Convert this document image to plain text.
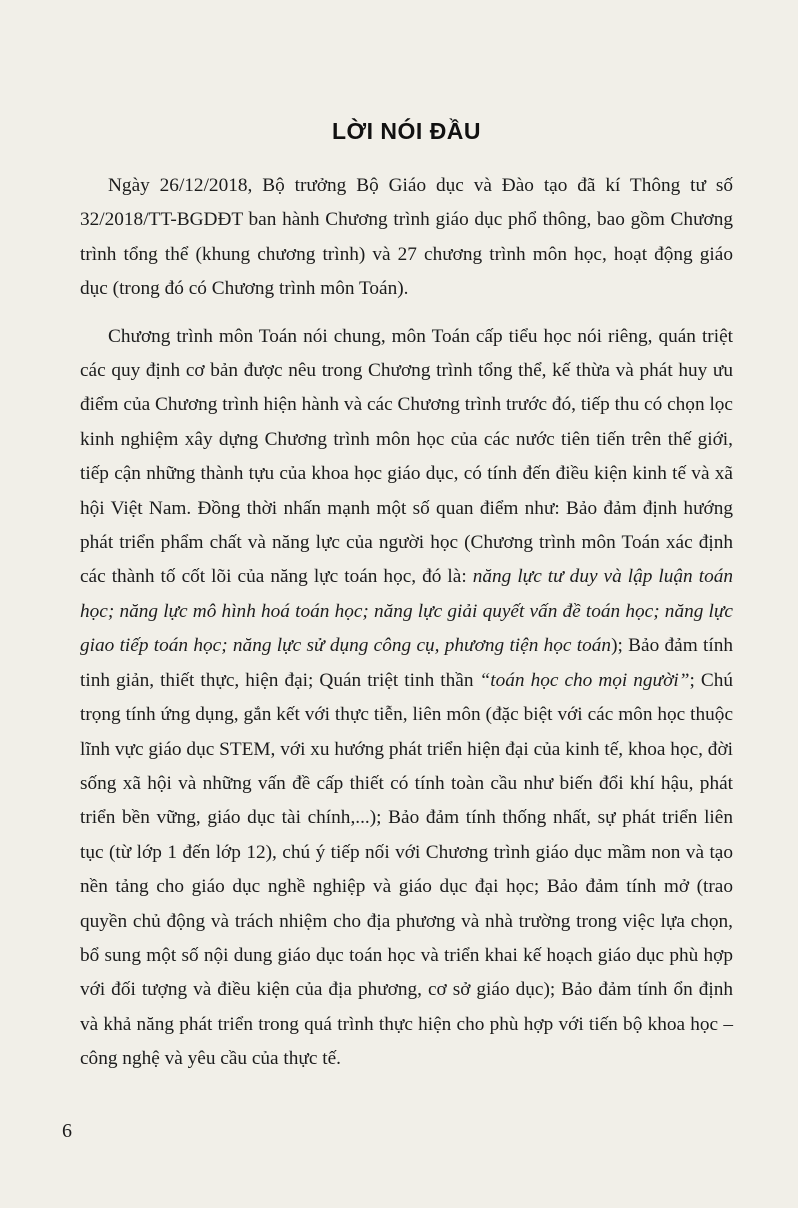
LỜI NÓI ĐẦU

Ngày 26/12/2018, Bộ trưởng Bộ Giáo dục và Đào tạo đã kí Thông tư số 32/2018/TT-BGDĐT ban hành Chương trình giáo dục phổ thông, bao gồm Chương trình tổng thể (khung chương trình) và 27 chương trình môn học, hoạt động giáo dục (trong đó có Chương trình môn Toán).

Chương trình môn Toán nói chung, môn Toán cấp tiểu học nói riêng, quán triệt các quy định cơ bản được nêu trong Chương trình tổng thể, kế thừa và phát huy ưu điểm của Chương trình hiện hành và các Chương trình trước đó, tiếp thu có chọn lọc kinh nghiệm xây dựng Chương trình môn học của các nước tiên tiến trên thế giới, tiếp cận những thành tựu của khoa học giáo dục, có tính đến điều kiện kinh tế và xã hội Việt Nam. Đồng thời nhấn mạnh một số quan điểm như: Bảo đảm định hướng phát triển phẩm chất và năng lực của người học (Chương trình môn Toán xác định các thành tố cốt lõi của năng lực toán học, đó là: năng lực tư duy và lập luận toán học; năng lực mô hình hoá toán học; năng lực giải quyết vấn đề toán học; năng lực giao tiếp toán học; năng lực sử dụng công cụ, phương tiện học toán); Bảo đảm tính tinh giản, thiết thực, hiện đại; Quán triệt tinh thần “toán học cho mọi người”; Chú trọng tính ứng dụng, gắn kết với thực tiễn, liên môn (đặc biệt với các môn học thuộc lĩnh vực giáo dục STEM, với xu hướng phát triển hiện đại của kinh tế, khoa học, đời sống xã hội và những vấn đề cấp thiết có tính toàn cầu như biến đổi khí hậu, phát triển bền vững, giáo dục tài chính,...); Bảo đảm tính thống nhất, sự phát triển liên tục (từ lớp 1 đến lớp 12), chú ý tiếp nối với Chương trình giáo dục mầm non và tạo nền tảng cho giáo dục nghề nghiệp và giáo dục đại học; Bảo đảm tính mở (trao quyền chủ động và trách nhiệm cho địa phương và nhà trường trong việc lựa chọn, bổ sung một số nội dung giáo dục toán học và triển khai kế hoạch giáo dục phù hợp với đối tượng và điều kiện của địa phương, cơ sở giáo dục); Bảo đảm tính ổn định và khả năng phát triển trong quá trình thực hiện cho phù hợp với tiến bộ khoa học – công nghệ và yêu cầu của thực tế.

6
